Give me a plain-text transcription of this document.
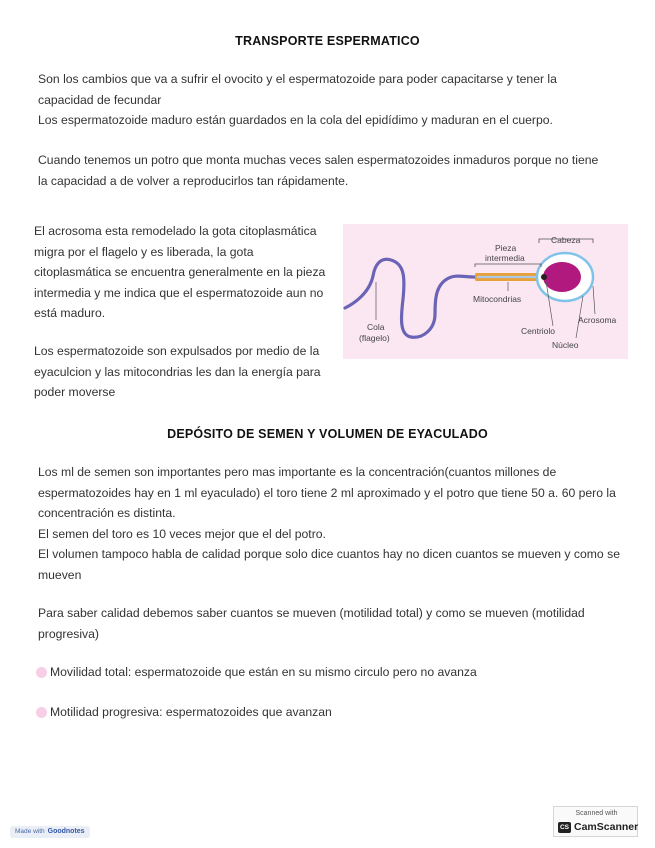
TRANSPORTE ESPERMATICO
Son los cambios que va a sufrir el ovocito y el espermatozoide para poder capacitarse y tener la
capacidad de fecundar
Los espermatozoide maduro están guardados en la cola del epidídimo y maduran en el cuerpo.
Cuando tenemos un potro que monta muchas veces salen espermatozoides inmaduros porque no tiene
la capacidad a de volver a reproducirlos tan rápidamente.
El acrosoma esta remodelado la gota citoplasmática
migra por el flagelo y es liberada, la gota
citoplasmática se encuentra generalmente en la pieza
intermedia y me indica que el espermatozoide aun no
está maduro.
Los espermatozoide son expulsados por medio de la
eyaculcion y las mitocondrias les dan la energía para
poder moverse
Cabeza
Pieza
intermedia
Mitocondrias
Acrosoma
Centriolo
Núcleo
Cola
(flagelo)
DEPÓSITO DE SEMEN Y VOLUMEN DE EYACULADO
Los ml de semen son importantes pero mas importante es la concentración(cuantos millones de
espermatozoides hay en 1 ml eyaculado) el toro tiene 2 ml aproximado y el potro que tiene 50 a. 60 pero la
concentración es distinta.
El semen del toro es 10 veces mejor que el del potro.
El volumen tampoco habla de calidad porque solo dice cuantos hay no dicen cuantos se mueven y como se
mueven
Para saber calidad debemos saber cuantos se mueven (motilidad total) y como se mueven (motilidad
progresiva)
Movilidad total: espermatozoide que están en su mismo circulo pero no avanza
Motilidad progresiva: espermatozoides que avanzan
Made with Goodnotes
Scanned with
CS CamScanner
